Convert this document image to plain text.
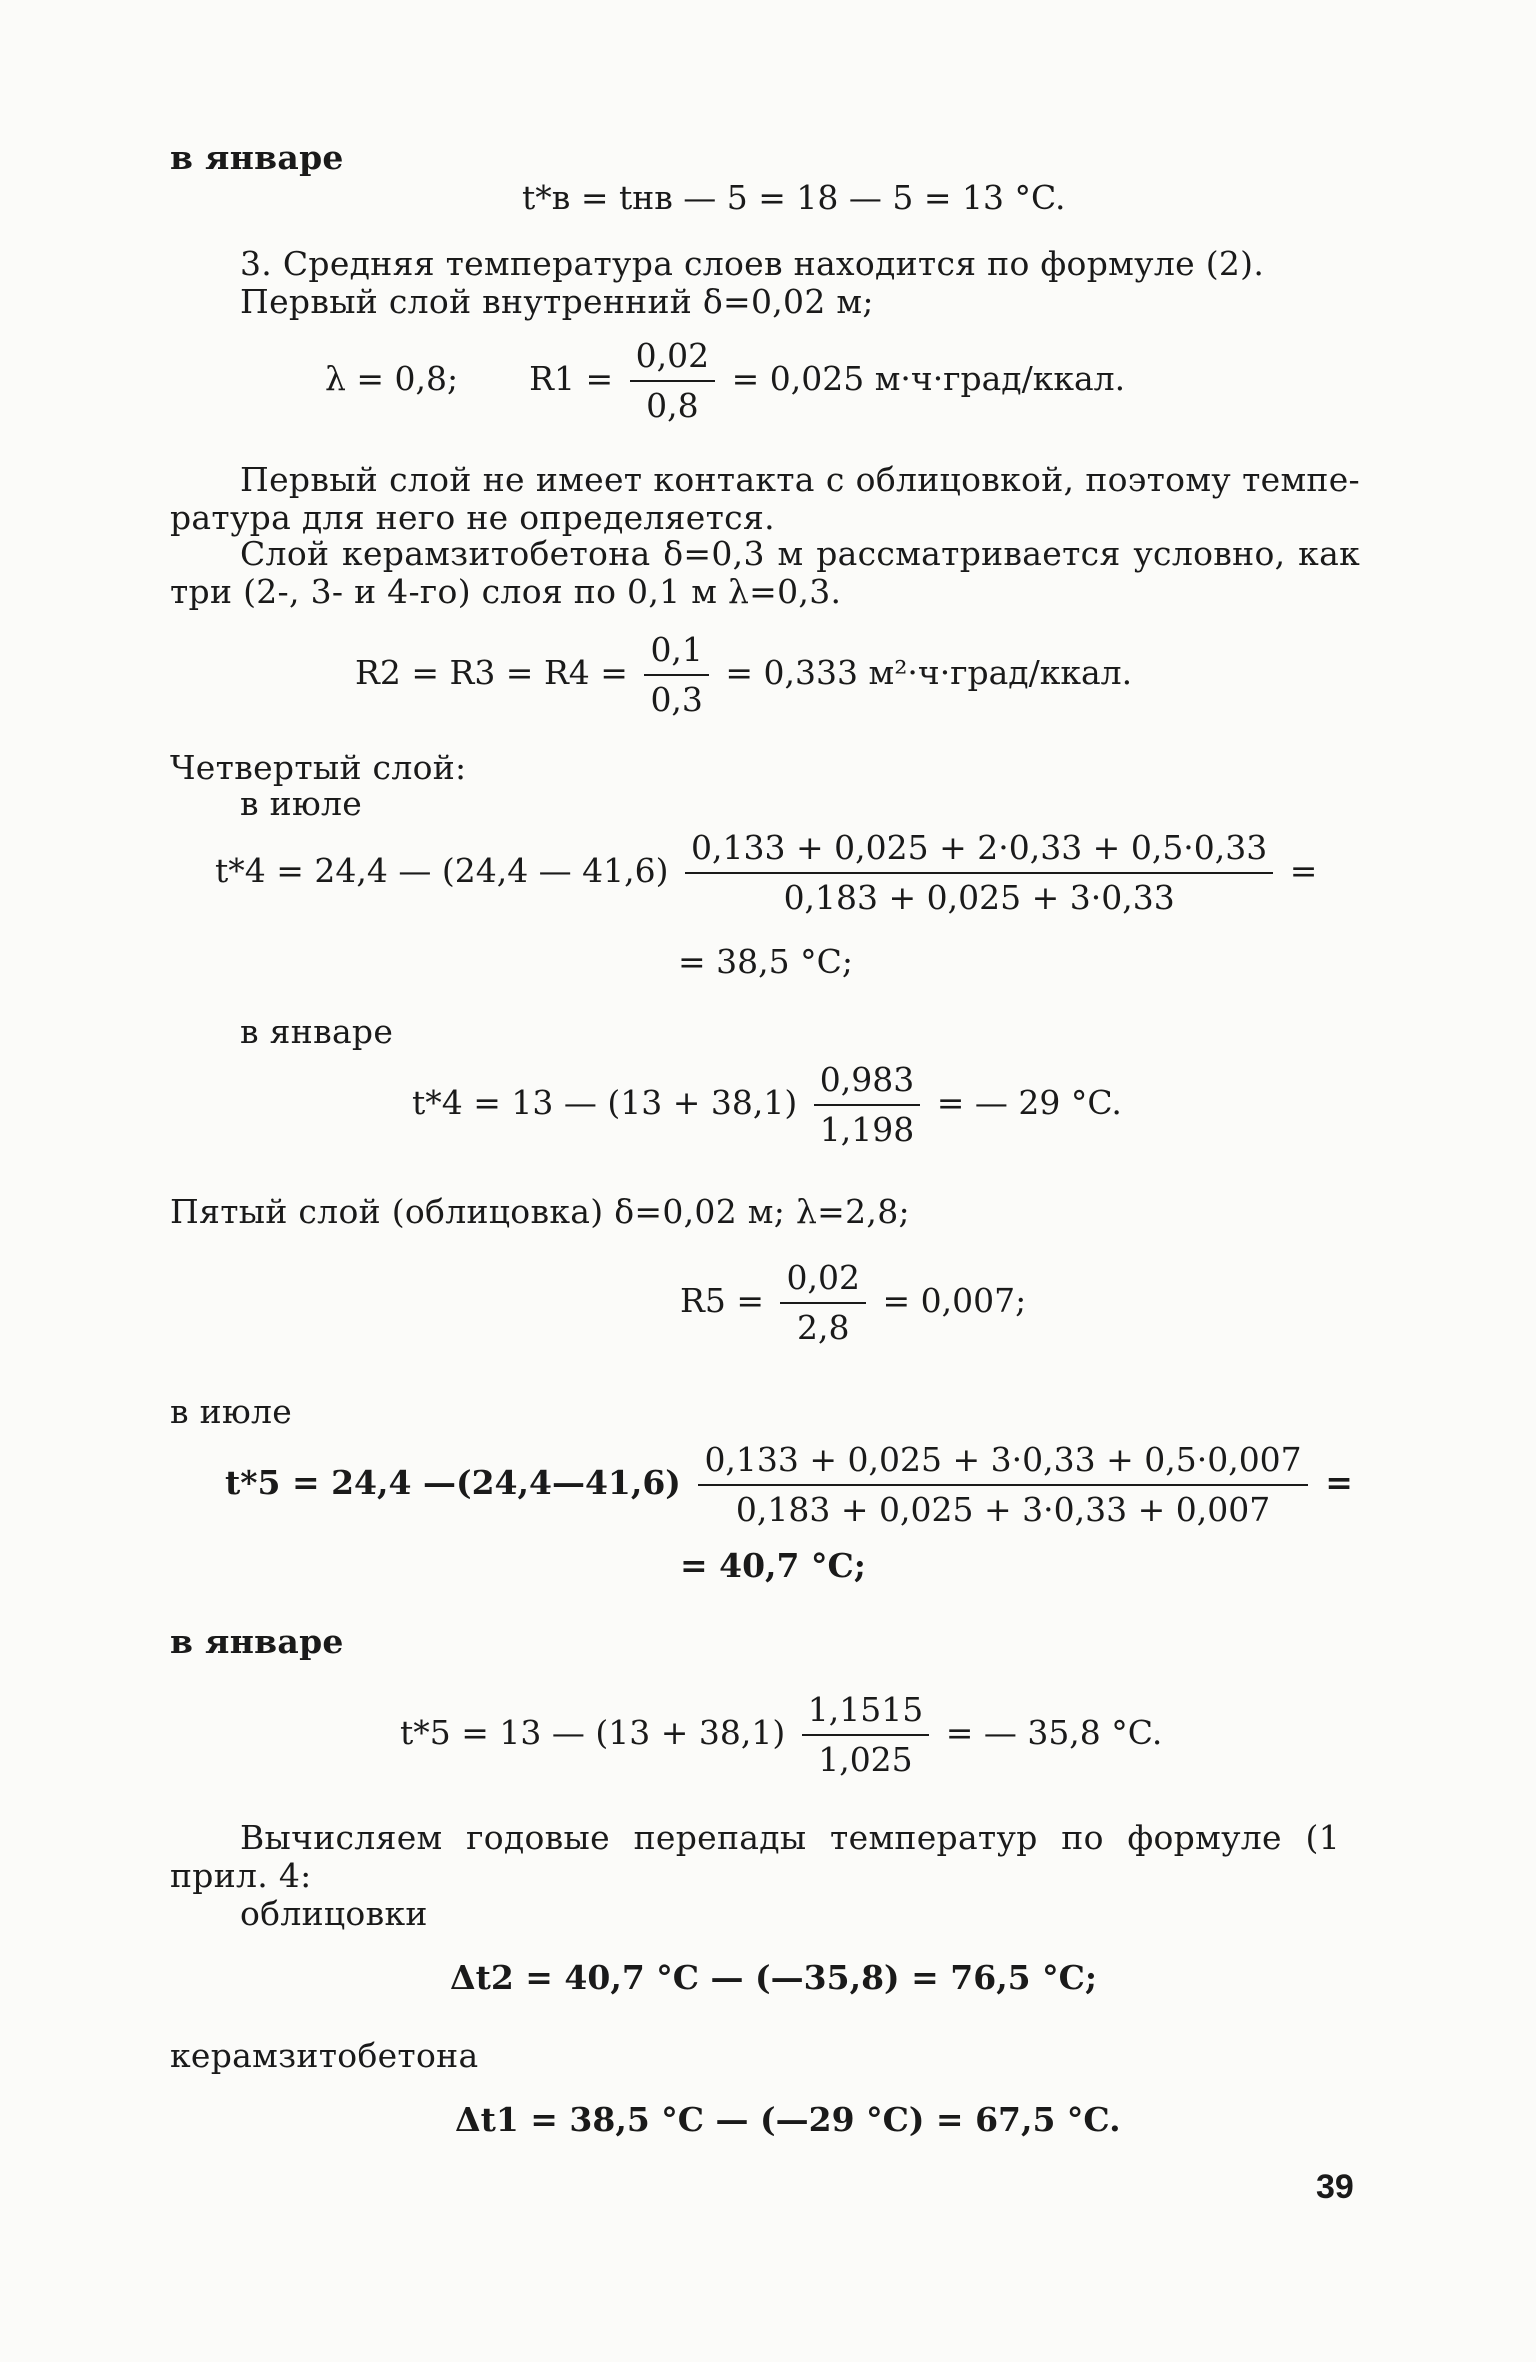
в январе
t*в = tнв — 5 = 18 — 5 = 13 °C.
3. Средняя температура слоев находится по формуле (2).
Первый слой внутренний δ=0,02 м;
λ = 0,8; $R1 = \frac{0,02}{0,8} = 0,025$ м·ч·град/ккал.
Первый слой не имеет контакта с облицовкой, поэтому темпе-
ратура для него не определяется.
Слой керамзитобетона δ=0,3 м рассматривается условно, как
три (2-, 3- и 4-го) слоя по 0,1 м λ=0,3.
$R2 = R3 = R4 = \frac{0,1}{0,3} = 0,333$ м²·ч·град/ккал.
Четвертый слой:
в июле
t*4 = 24,4 — (24,4 — $41,6) \frac{0,133 + 0,025 + 2\cdot 0,33 + 0,5\cdot 0,33}{0,183 + 0,025 + 3\cdot 0,33}$ =
= 38,5 °C;
в январе
t*4 = 13 — $(13 + 38,1) \frac{0,983}{1,198}$ = — 29 °C.
Пятый слой (облицовка) δ=0,02 м; λ=2,8;
$R5 = \frac{0,02}{2,8} = 0,007$;
в июле
t*5 = 24,4 —(24,4—41,6) $\frac{0,133 + 0,025 + 3\cdot 0,33 + 0,5\cdot 0,007}{0,183 + 0,025 + 3\cdot 0,33 + 0,007}$ =
= 40,7 °C;
в январе
t*5 = 13 — $(13 + 38,1) \frac{1,1515}{1,025}$ = — 35,8 °C.
Вычисляем годовые перепады температур по формуле (1
прил. 4:
облицовки
Δt2 = 40,7 °C — (—35,8) = 76,5 °C;
керамзитобетона
Δt1 = 38,5 °C — (—29 °C) = 67,5 °C.
39
